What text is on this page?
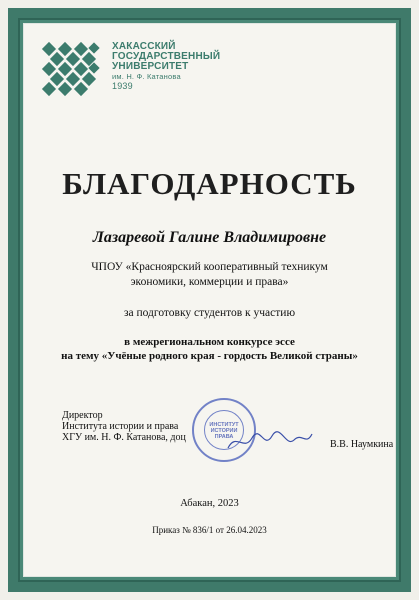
ХАКАССКИЙ
ГОСУДАРСТВЕННЫЙ
УНИВЕРСИТЕТ
им. Н. Ф. Катанова
1939
БЛАГОДАРНОСТЬ
Лазаревой Галине Владимировне
ЧПОУ «Красноярский кооперативный техникум
экономики, коммерции и права»
за подготовку студентов к участию
в межрегиональном конкурсе эссе
на тему «Учёные родного края - гордость Великой страны»
Директор
Института истории и права
ХГУ им. Н. Ф. Катанова, доц
ИНСТИТУТ
ИСТОРИИ
ПРАВА
В.В. Наумкина
Абакан, 2023
Приказ № 836/1 от 26.04.2023
